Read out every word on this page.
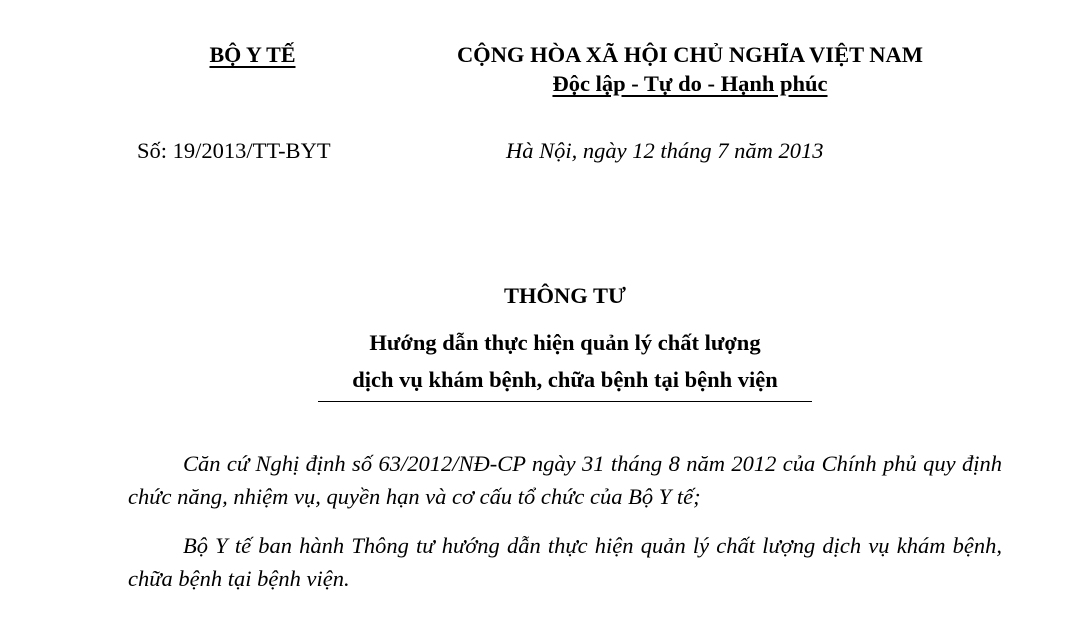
BỘ Y TẾ	CỘNG HÒA XÃ HỘI CHỦ NGHĨA VIỆT NAM
Độc lập - Tự do - Hạnh phúc
Số: 19/2013/TT-BYT	Hà Nội, ngày 12 tháng 7 năm 2013
THÔNG TƯ
Hướng dẫn thực hiện quản lý chất lượng
dịch vụ khám bệnh, chữa bệnh tại bệnh viện

Căn cứ Nghị định số 63/2012/NĐ-CP ngày 31 tháng 8 năm 2012 của Chính phủ quy định chức năng, nhiệm vụ, quyền hạn và cơ cấu tổ chức của Bộ Y tế;

Bộ Y tế ban hành Thông tư hướng dẫn thực hiện quản lý chất lượng dịch vụ khám bệnh, chữa bệnh tại bệnh viện.
